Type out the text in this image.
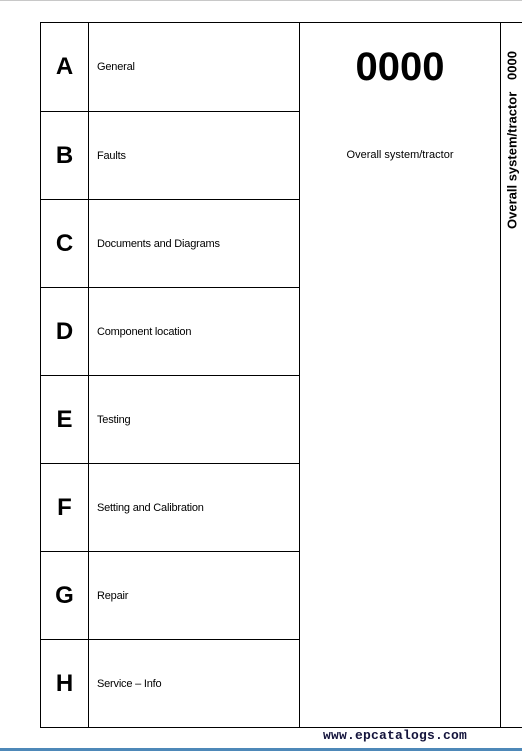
A	General
B	Faults
C	Documents and Diagrams
D	Component location
E	Testing
F	Setting and Calibration
G	Repair
H	Service – Info
0000
Overall system/tractor	Overall system/tractor
0000
www.epcatalogs.com
